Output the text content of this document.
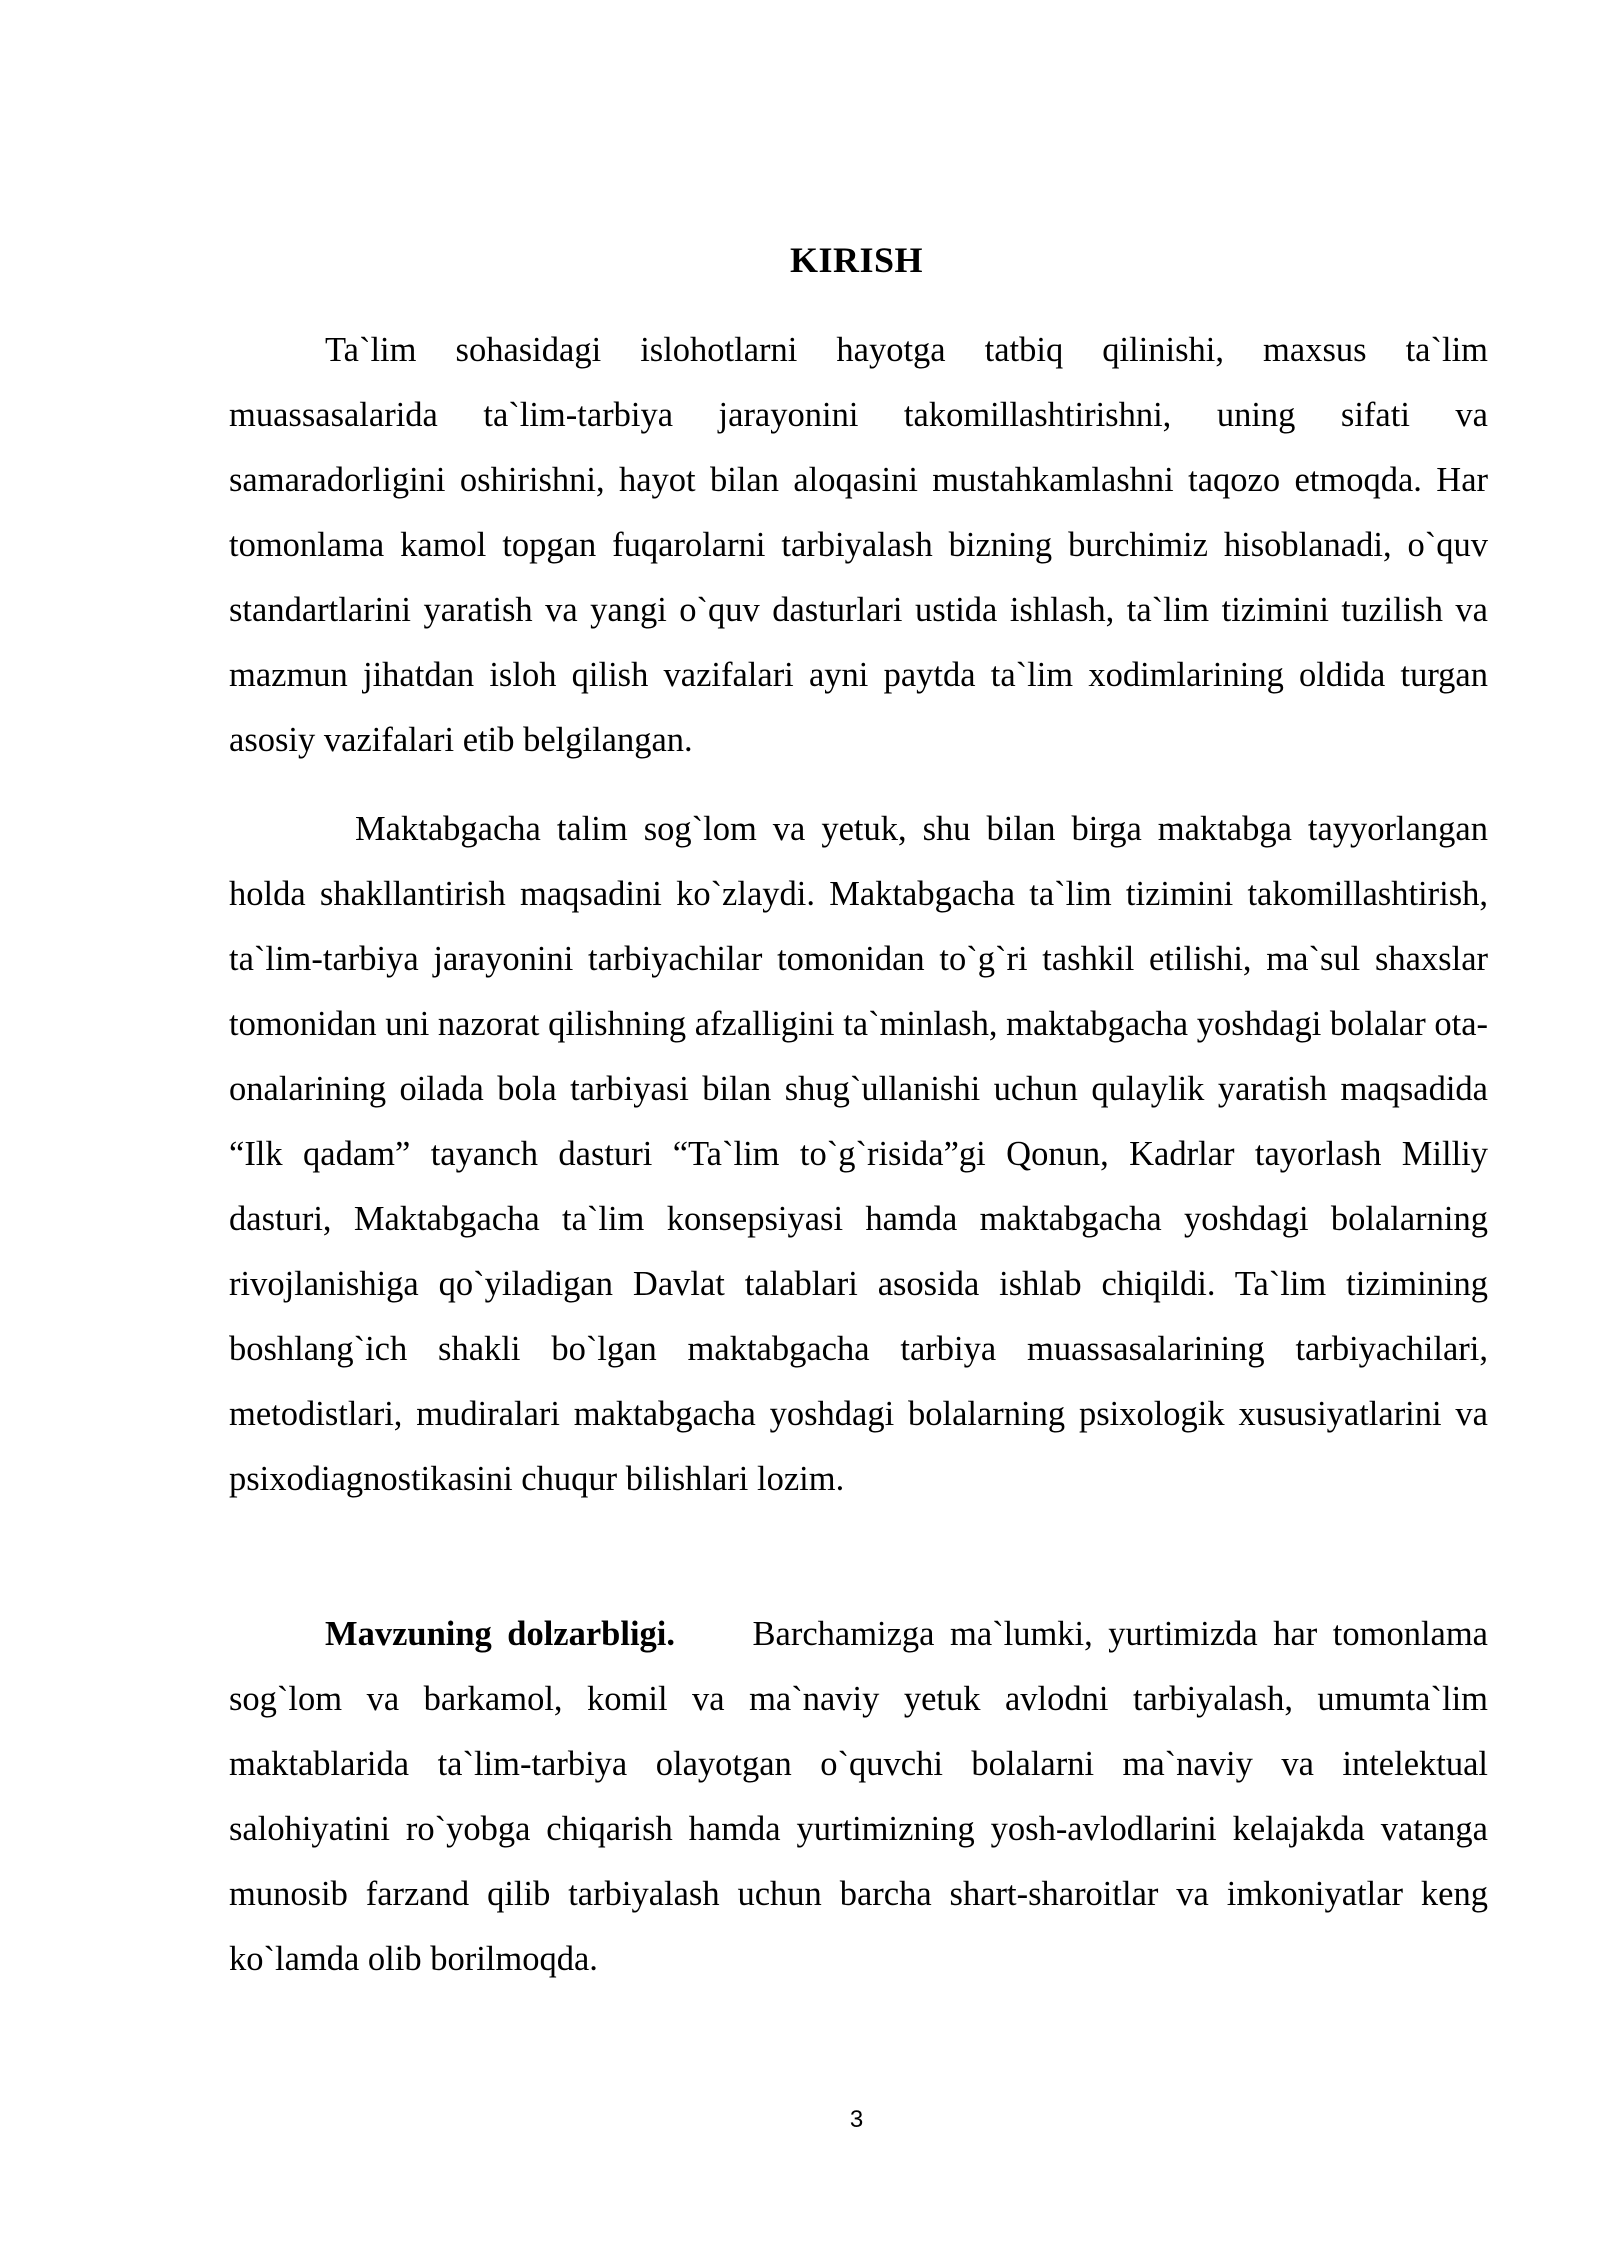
KIRISH

Ta`lim sohasidagi islohotlarni hayotga tatbiq qilinishi, maxsus ta`lim muassasalarida ta`lim-tarbiya jarayonini takomillashtirishni, uning sifati va samaradorligini oshirishni, hayot bilan aloqasini mustahkamlashni taqozo etmoqda. Har tomonlama kamol topgan fuqarolarni tarbiyalash bizning burchimiz hisoblanadi, o`quv standartlarini yaratish va yangi o`quv dasturlari ustida ishlash, ta`lim tizimini tuzilish va mazmun jihatdan isloh qilish vazifalari ayni paytda ta`lim xodimlarining oldida turgan asosiy vazifalari etib belgilangan.

Maktabgacha talim sog`lom va yetuk, shu bilan birga maktabga tayyorlangan holda shakllantirish maqsadini ko`zlaydi. Maktabgacha ta`lim tizimini takomillashtirish, ta`lim-tarbiya jarayonini tarbiyachilar tomonidan to`g`ri tashkil etilishi, ma`sul shaxslar tomonidan uni nazorat qilishning afzalligini ta`minlash, maktabgacha yoshdagi bolalar ota-onalarining oilada bola tarbiyasi bilan shug`ullanishi uchun qulaylik yaratish maqsadida “Ilk qadam” tayanch dasturi “Ta`lim to`g`risida”gi Qonun, Kadrlar tayorlash Milliy dasturi, Maktabgacha ta`lim konsepsiyasi hamda maktabgacha yoshdagi bolalarning rivojlanishiga qo`yiladigan Davlat talablari asosida ishlab chiqildi. Ta`lim tizimining boshlang`ich shakli bo`lgan maktabgacha tarbiya muassasalarining tarbiyachilari, metodistlari, mudiralari maktabgacha yoshdagi bolalarning psixologik xususiyatlarini va psixodiagnostikasini chuqur bilishlari lozim.

Mavzuning dolzarbligi. Barchamizga ma`lumki, yurtimizda har tomonlama sog`lom va barkamol, komil va ma`naviy yetuk avlodni tarbiyalash, umumta`lim maktablarida ta`lim-tarbiya olayotgan o`quvchi bolalarni ma`naviy va intelektual salohiyatini ro`yobga chiqarish hamda yurtimizning yosh-avlodlarini kelajakda vatanga munosib farzand qilib tarbiyalash uchun barcha shart-sharoitlar va imkoniyatlar keng ko`lamda olib borilmoqda.

3
